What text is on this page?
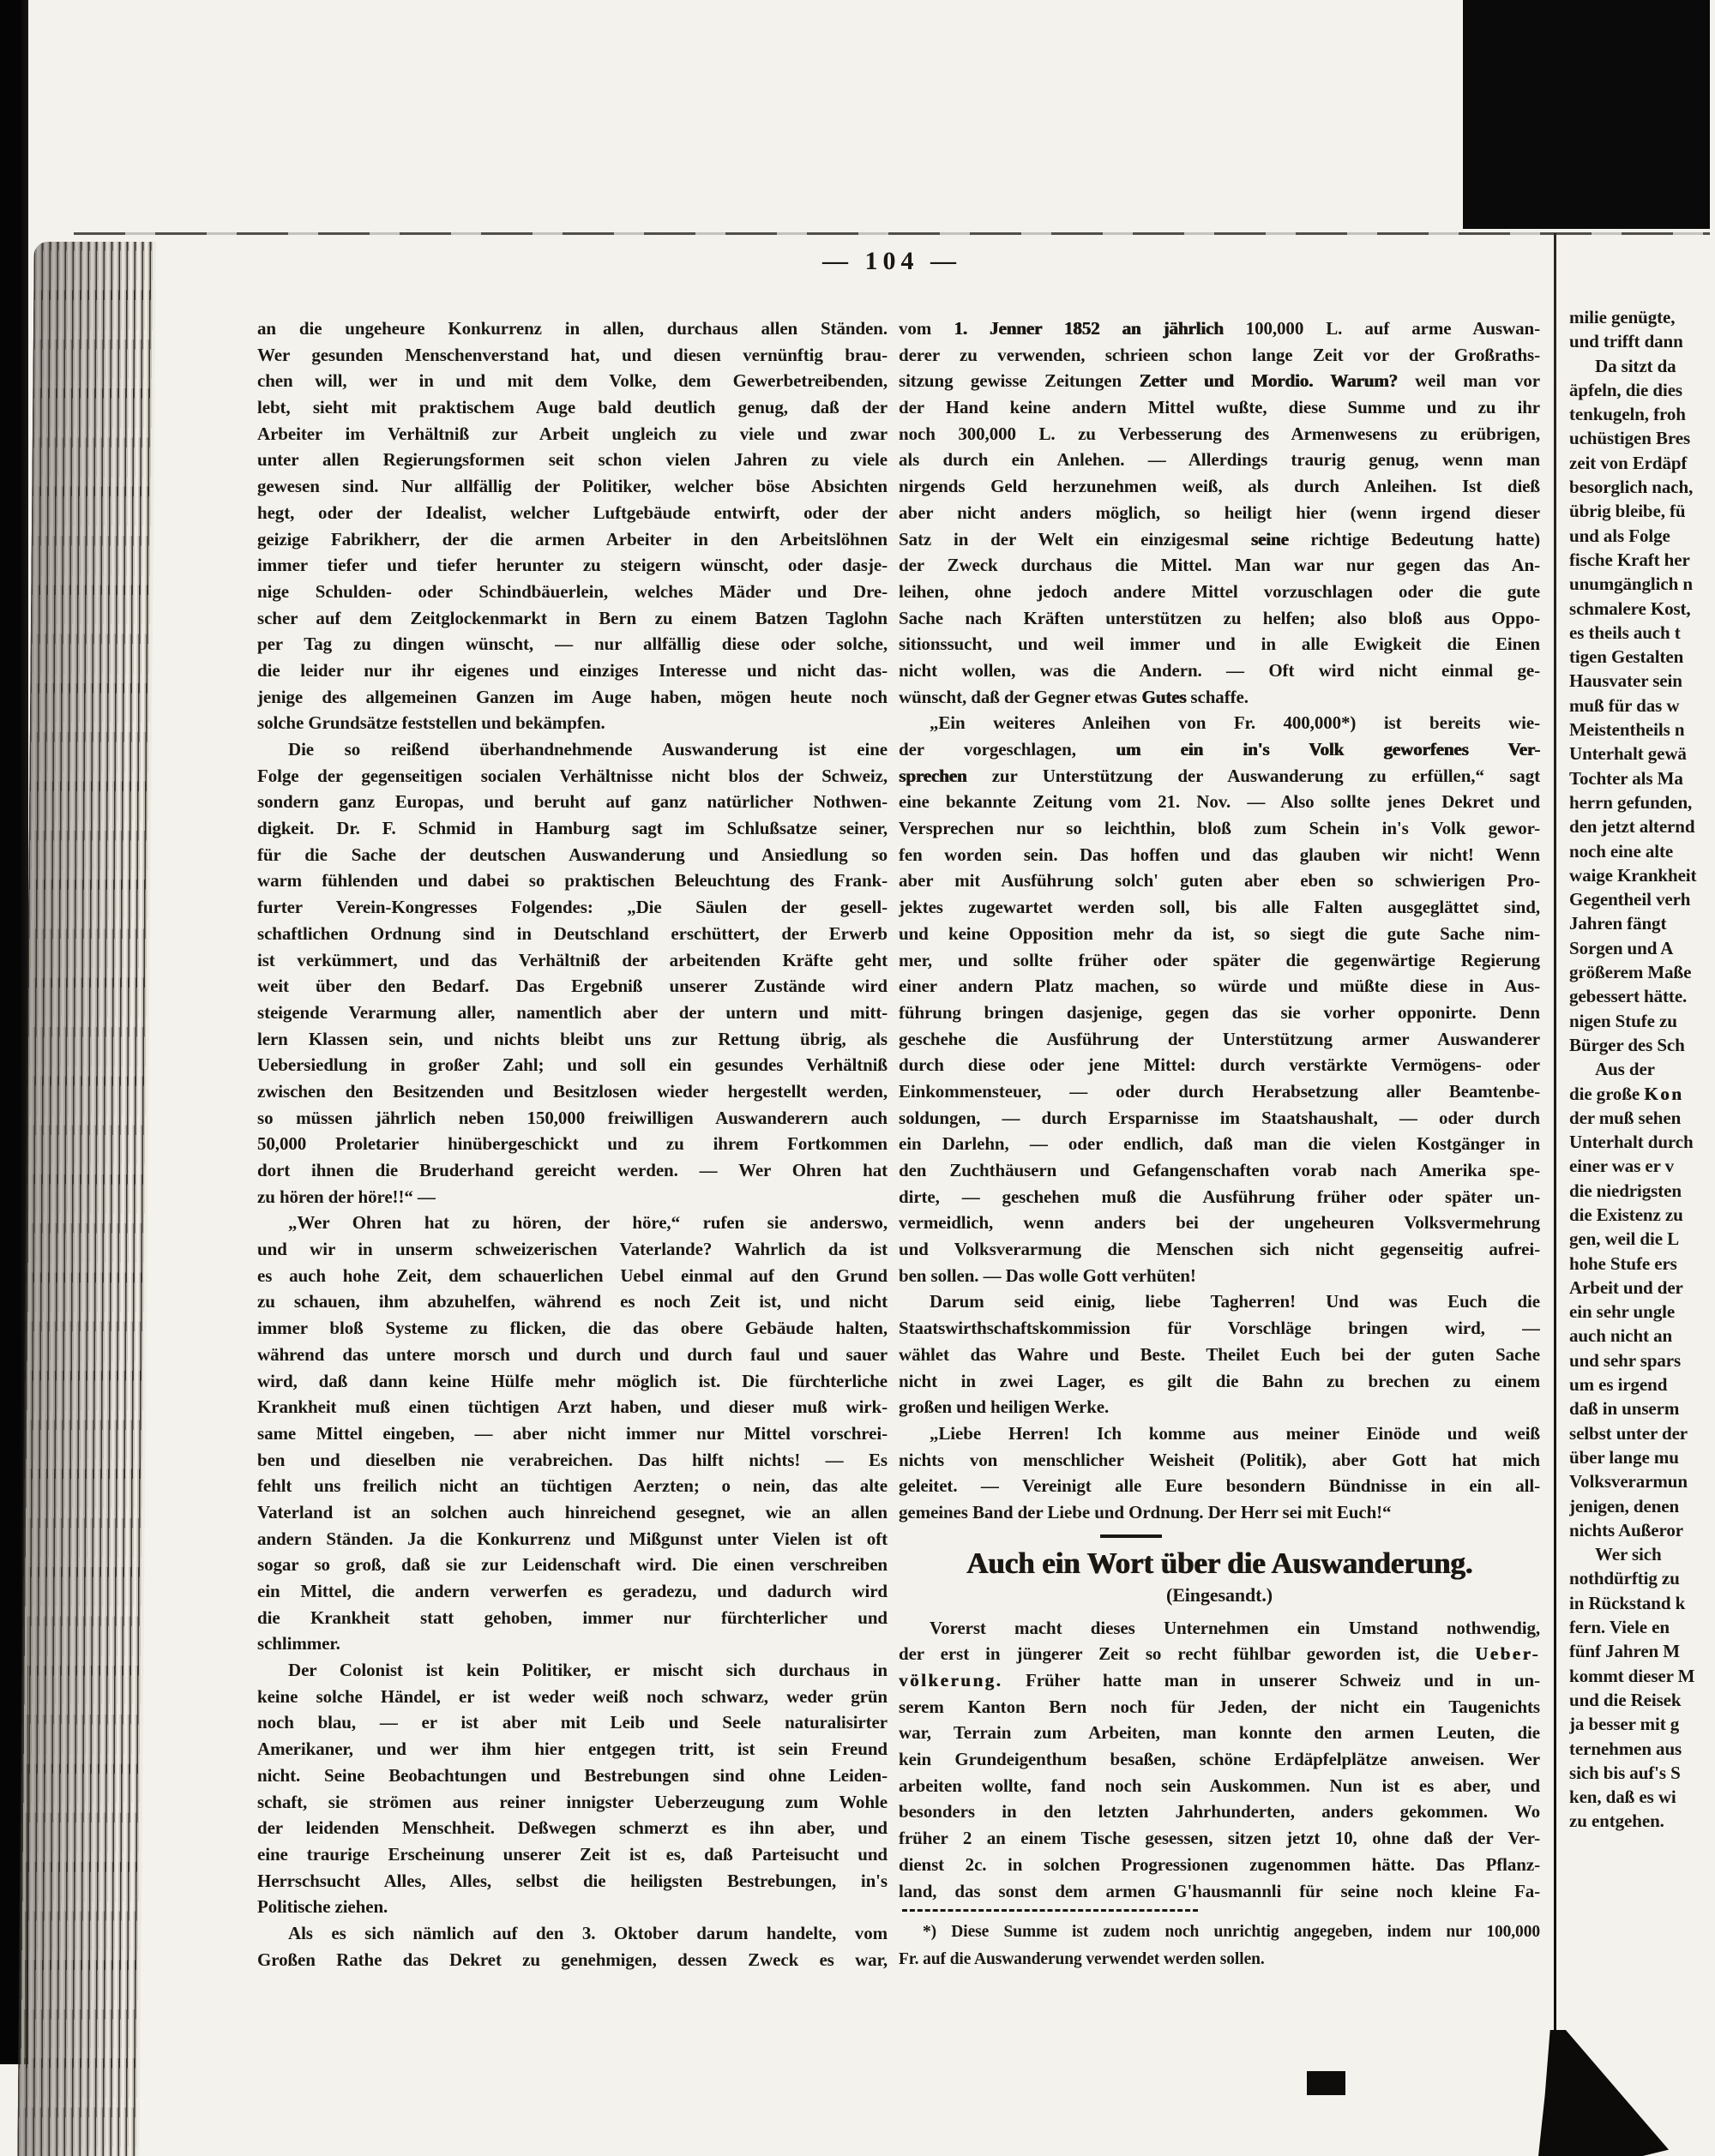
— 104 —
an die ungeheure Konkurrenz in allen, durchaus allen Ständen.
Wer gesunden Menschenverstand hat, und diesen vernünftig brau-
chen will, wer in und mit dem Volke, dem Gewerbetreibenden,
lebt, sieht mit praktischem Auge bald deutlich genug, daß der
Arbeiter im Verhältniß zur Arbeit ungleich zu viele und zwar
unter allen Regierungsformen seit schon vielen Jahren zu viele
gewesen sind. Nur allfällig der Politiker, welcher böse Absichten
hegt, oder der Idealist, welcher Luftgebäude entwirft, oder der
geizige Fabrikherr, der die armen Arbeiter in den Arbeitslöhnen
immer tiefer und tiefer herunter zu steigern wünscht, oder dasje-
nige Schulden- oder Schindbäuerlein, welches Mäder und Dre-
scher auf dem Zeitglockenmarkt in Bern zu einem Batzen Taglohn
per Tag zu dingen wünscht, — nur allfällig diese oder solche,
die leider nur ihr eigenes und einziges Interesse und nicht das-
jenige des allgemeinen Ganzen im Auge haben, mögen heute noch
solche Grundsätze feststellen und bekämpfen.
Die so reißend überhandnehmende Auswanderung ist eine
Folge der gegenseitigen socialen Verhältnisse nicht blos der Schweiz,
sondern ganz Europas, und beruht auf ganz natürlicher Nothwen-
digkeit. Dr. F. Schmid in Hamburg sagt im Schlußsatze seiner,
für die Sache der deutschen Auswanderung und Ansiedlung so
warm fühlenden und dabei so praktischen Beleuchtung des Frank-
furter Verein-Kongresses Folgendes: „Die Säulen der gesell-
schaftlichen Ordnung sind in Deutschland erschüttert, der Erwerb
ist verkümmert, und das Verhältniß der arbeitenden Kräfte geht
weit über den Bedarf. Das Ergebniß unserer Zustände wird
steigende Verarmung aller, namentlich aber der untern und mitt-
lern Klassen sein, und nichts bleibt uns zur Rettung übrig, als
Uebersiedlung in großer Zahl; und soll ein gesundes Verhältniß
zwischen den Besitzenden und Besitzlosen wieder hergestellt werden,
so müssen jährlich neben 150,000 freiwilligen Auswanderern auch
50,000 Proletarier hinübergeschickt und zu ihrem Fortkommen
dort ihnen die Bruderhand gereicht werden. — Wer Ohren hat
zu hören der höre!!“ —
„Wer Ohren hat zu hören, der höre,“ rufen sie anderswo,
und wir in unserm schweizerischen Vaterlande? Wahrlich da ist
es auch hohe Zeit, dem schauerlichen Uebel einmal auf den Grund
zu schauen, ihm abzuhelfen, während es noch Zeit ist, und nicht
immer bloß Systeme zu flicken, die das obere Gebäude halten,
während das untere morsch und durch und durch faul und sauer
wird, daß dann keine Hülfe mehr möglich ist. Die fürchterliche
Krankheit muß einen tüchtigen Arzt haben, und dieser muß wirk-
same Mittel eingeben, — aber nicht immer nur Mittel vorschrei-
ben und dieselben nie verabreichen. Das hilft nichts! — Es
fehlt uns freilich nicht an tüchtigen Aerzten; o nein, das alte
Vaterland ist an solchen auch hinreichend gesegnet, wie an allen
andern Ständen. Ja die Konkurrenz und Mißgunst unter Vielen ist oft
sogar so groß, daß sie zur Leidenschaft wird. Die einen verschreiben
ein Mittel, die andern verwerfen es geradezu, und dadurch wird
die Krankheit statt gehoben, immer nur fürchterlicher und
schlimmer.
Der Colonist ist kein Politiker, er mischt sich durchaus in
keine solche Händel, er ist weder weiß noch schwarz, weder grün
noch blau, — er ist aber mit Leib und Seele naturalisirter
Amerikaner, und wer ihm hier entgegen tritt, ist sein Freund
nicht. Seine Beobachtungen und Bestrebungen sind ohne Leiden-
schaft, sie strömen aus reiner innigster Ueberzeugung zum Wohle
der leidenden Menschheit. Deßwegen schmerzt es ihn aber, und
eine traurige Erscheinung unserer Zeit ist es, daß Parteisucht und
Herrschsucht Alles, Alles, selbst die heiligsten Bestrebungen, in's
Politische ziehen.
Als es sich nämlich auf den 3. Oktober darum handelte, vom
Großen Rathe das Dekret zu genehmigen, dessen Zweck es war,
vom 1. Jenner 1852 an jährlich 100,000 L. auf arme Auswan-
derer zu verwenden, schrieen schon lange Zeit vor der Großraths-
sitzung gewisse Zeitungen Zetter und Mordio. Warum? weil man vor
der Hand keine andern Mittel wußte, diese Summe und zu ihr
noch 300,000 L. zu Verbesserung des Armenwesens zu erübrigen,
als durch ein Anlehen. — Allerdings traurig genug, wenn man
nirgends Geld herzunehmen weiß, als durch Anleihen. Ist dieß
aber nicht anders möglich, so heiligt hier (wenn irgend dieser
Satz in der Welt ein einzigesmal seine richtige Bedeutung hatte)
der Zweck durchaus die Mittel. Man war nur gegen das An-
leihen, ohne jedoch andere Mittel vorzuschlagen oder die gute
Sache nach Kräften unterstützen zu helfen; also bloß aus Oppo-
sitionssucht, und weil immer und in alle Ewigkeit die Einen
nicht wollen, was die Andern. — Oft wird nicht einmal ge-
wünscht, daß der Gegner etwas Gutes schaffe.
„Ein weiteres Anleihen von Fr. 400,000*) ist bereits wie-
der vorgeschlagen, um ein in's Volk geworfenes Ver-
sprechen zur Unterstützung der Auswanderung zu erfüllen,“ sagt
eine bekannte Zeitung vom 21. Nov. — Also sollte jenes Dekret und
Versprechen nur so leichthin, bloß zum Schein in's Volk gewor-
fen worden sein. Das hoffen und das glauben wir nicht! Wenn
aber mit Ausführung solch' guten aber eben so schwierigen Pro-
jektes zugewartet werden soll, bis alle Falten ausgeglättet sind,
und keine Opposition mehr da ist, so siegt die gute Sache nim-
mer, und sollte früher oder später die gegenwärtige Regierung
einer andern Platz machen, so würde und müßte diese in Aus-
führung bringen dasjenige, gegen das sie vorher opponirte. Denn
geschehe die Ausführung der Unterstützung armer Auswanderer
durch diese oder jene Mittel: durch verstärkte Vermögens- oder
Einkommensteuer, — oder durch Herabsetzung aller Beamtenbe-
soldungen, — durch Ersparnisse im Staatshaushalt, — oder durch
ein Darlehn, — oder endlich, daß man die vielen Kostgänger in
den Zuchthäusern und Gefangenschaften vorab nach Amerika spe-
dirte, — geschehen muß die Ausführung früher oder später un-
vermeidlich, wenn anders bei der ungeheuren Volksvermehrung
und Volksverarmung die Menschen sich nicht gegenseitig aufrei-
ben sollen. — Das wolle Gott verhüten!
Darum seid einig, liebe Tagherren! Und was Euch die
Staatswirthschaftskommission für Vorschläge bringen wird, —
wählet das Wahre und Beste. Theilet Euch bei der guten Sache
nicht in zwei Lager, es gilt die Bahn zu brechen zu einem
großen und heiligen Werke.
„Liebe Herren! Ich komme aus meiner Einöde und weiß
nichts von menschlicher Weisheit (Politik), aber Gott hat mich
geleitet. — Vereinigt alle Eure besondern Bündnisse in ein all-
gemeines Band der Liebe und Ordnung. Der Herr sei mit Euch!“
Auch ein Wort über die Auswanderung.
(Eingesandt.)
Vorerst macht dieses Unternehmen ein Umstand nothwendig,
der erst in jüngerer Zeit so recht fühlbar geworden ist, die Ueber-
völkerung. Früher hatte man in unserer Schweiz und in un-
serem Kanton Bern noch für Jeden, der nicht ein Taugenichts
war, Terrain zum Arbeiten, man konnte den armen Leuten, die
kein Grundeigenthum besaßen, schöne Erdäpfelplätze anweisen. Wer
arbeiten wollte, fand noch sein Auskommen. Nun ist es aber, und
besonders in den letzten Jahrhunderten, anders gekommen. Wo
früher 2 an einem Tische gesessen, sitzen jetzt 10, ohne daß der Ver-
dienst 2c. in solchen Progressionen zugenommen hätte. Das Pflanz-
land, das sonst dem armen G'hausmannli für seine noch kleine Fa-
*) Diese Summe ist zudem noch unrichtig angegeben, indem nur 100,000
Fr. auf die Auswanderung verwendet werden sollen.
milie genügte,
und trifft dann
Da sitzt da
äpfeln, die dies
tenkugeln, froh
uchüstigen Bres
zeit von Erdäpf
besorglich nach,
übrig bleibe, fü
und als Folge
fische Kraft her
unumgänglich n
schmalere Kost,
es theils auch t
tigen Gestalten
Hausvater sein
muß für das w
Meistentheils n
Unterhalt gewä
Tochter als Ma
herrn gefunden,
den jetzt alternd
noch eine alte
waige Krankheit
Gegentheil verh
Jahren fängt
Sorgen und A
größerem Maße
gebessert hätte.
nigen Stufe zu
Bürger des Sch
Aus der
die große Kon
der muß sehen
Unterhalt durch
einer was er v
die niedrigsten
die Existenz zu
gen, weil die L
hohe Stufe ers
Arbeit und der
ein sehr ungle
auch nicht an
und sehr spars
um es irgend
daß in unserm
selbst unter der
über lange mu
Volksverarmun
jenigen, denen
nichts Außeror
Wer sich
nothdürftig zu
in Rückstand k
fern. Viele en
fünf Jahren M
kommt dieser M
und die Reisek
ja besser mit g
ternehmen aus
sich bis auf's S
ken, daß es wi
zu entgehen.
